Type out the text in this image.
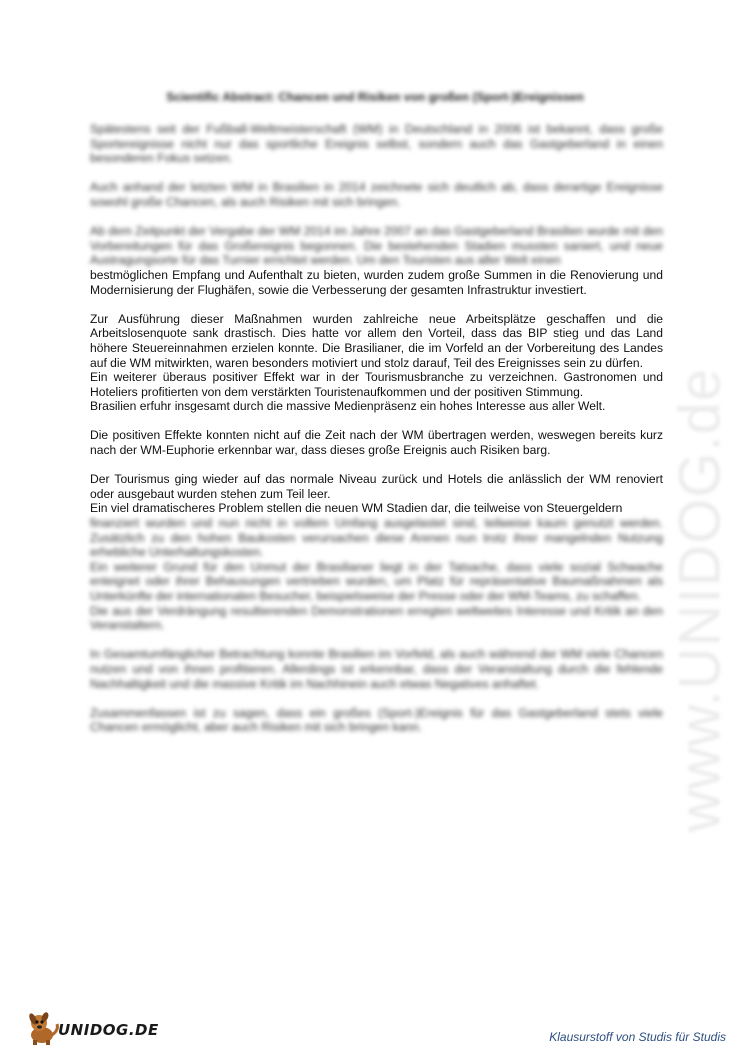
www.UNIDOG.de
Scientific Abstract: Chancen und Risiken von großen (Sport-)Ereignissen

Spätestens seit der Fußball-Weltmeisterschaft (WM) in Deutschland in 2006 ist bekannt, dass große Sportereignisse nicht nur das sportliche Ereignis selbst, sondern auch das Gastgeberland in einen besonderen Fokus setzen.

Auch anhand der letzten WM in Brasilien in 2014 zeichnete sich deutlich ab, dass derartige Ereignisse sowohl große Chancen, als auch Risiken mit sich bringen.

Ab dem Zeitpunkt der Vergabe der WM 2014 im Jahre 2007 an das Gastgeberland Brasilien wurde mit den Vorbereitungen für das Großereignis begonnen. Die bestehenden Stadien mussten saniert, und neue Austragungsorte für das Turnier errichtet werden. Um den Touristen aus aller Welt einen

bestmöglichen Empfang und Aufenthalt zu bieten, wurden zudem große Summen in die Renovierung und Modernisierung der Flughäfen, sowie die Verbesserung der gesamten Infrastruktur investiert.

Zur Ausführung dieser Maßnahmen wurden zahlreiche neue Arbeitsplätze geschaffen und die Arbeitslosenquote sank drastisch. Dies hatte vor allem den Vorteil, dass das BIP stieg und das Land höhere Steuereinnahmen erzielen konnte. Die Brasilianer, die im Vorfeld an der Vorbereitung des Landes auf die WM mitwirkten, waren besonders motiviert und stolz darauf, Teil des Ereignisses sein zu dürfen.

Ein weiterer überaus positiver Effekt war in der Tourismusbranche zu verzeichnen. Gastronomen und Hoteliers profitierten von dem verstärkten Touristenaufkommen und der positiven Stimmung.

Brasilien erfuhr insgesamt durch die massive Medienpräsenz ein hohes Interesse aus aller Welt.

Die positiven Effekte konnten nicht auf die Zeit nach der WM übertragen werden, weswegen bereits kurz nach der WM-Euphorie erkennbar war, dass dieses große Ereignis auch Risiken barg.

Der Tourismus ging wieder auf das normale Niveau zurück und Hotels die anlässlich der WM renoviert oder ausgebaut wurden stehen zum Teil leer.

Ein viel dramatischeres Problem stellen die neuen WM Stadien dar, die teilweise von Steuergeldern

finanziert wurden und nun nicht in vollem Umfang ausgelastet sind, teilweise kaum genutzt werden. Zusätzlich zu den hohen Baukosten verursachen diese Arenen nun trotz ihrer mangelnden Nutzung erhebliche Unterhaltungskosten.

Ein weiterer Grund für den Unmut der Brasilianer liegt in der Tatsache, dass viele sozial Schwache enteignet oder ihrer Behausungen vertrieben wurden, um Platz für repräsentative Baumaßnahmen als Unterkünfte der internationalen Besucher, beispielsweise der Presse oder der WM-Teams, zu schaffen.

Die aus der Verdrängung resultierenden Demonstrationen erregten weltweites Interesse und Kritik an den Veranstaltern.

In Gesamtumfänglicher Betrachtung konnte Brasilien im Vorfeld, als auch während der WM viele Chancen nutzen und von ihnen profitieren. Allerdings ist erkennbar, dass der Veranstaltung durch die fehlende Nachhaltigkeit und die massive Kritik im Nachhinein auch etwas Negatives anhaftet.

Zusammenfassen ist zu sagen, dass ein großes (Sport-)Ereignis für das Gastgeberland stets viele Chancen ermöglicht, aber auch Risiken mit sich bringen kann.

UNIDOG.DE	Klausurstoff von Studis für Studis
